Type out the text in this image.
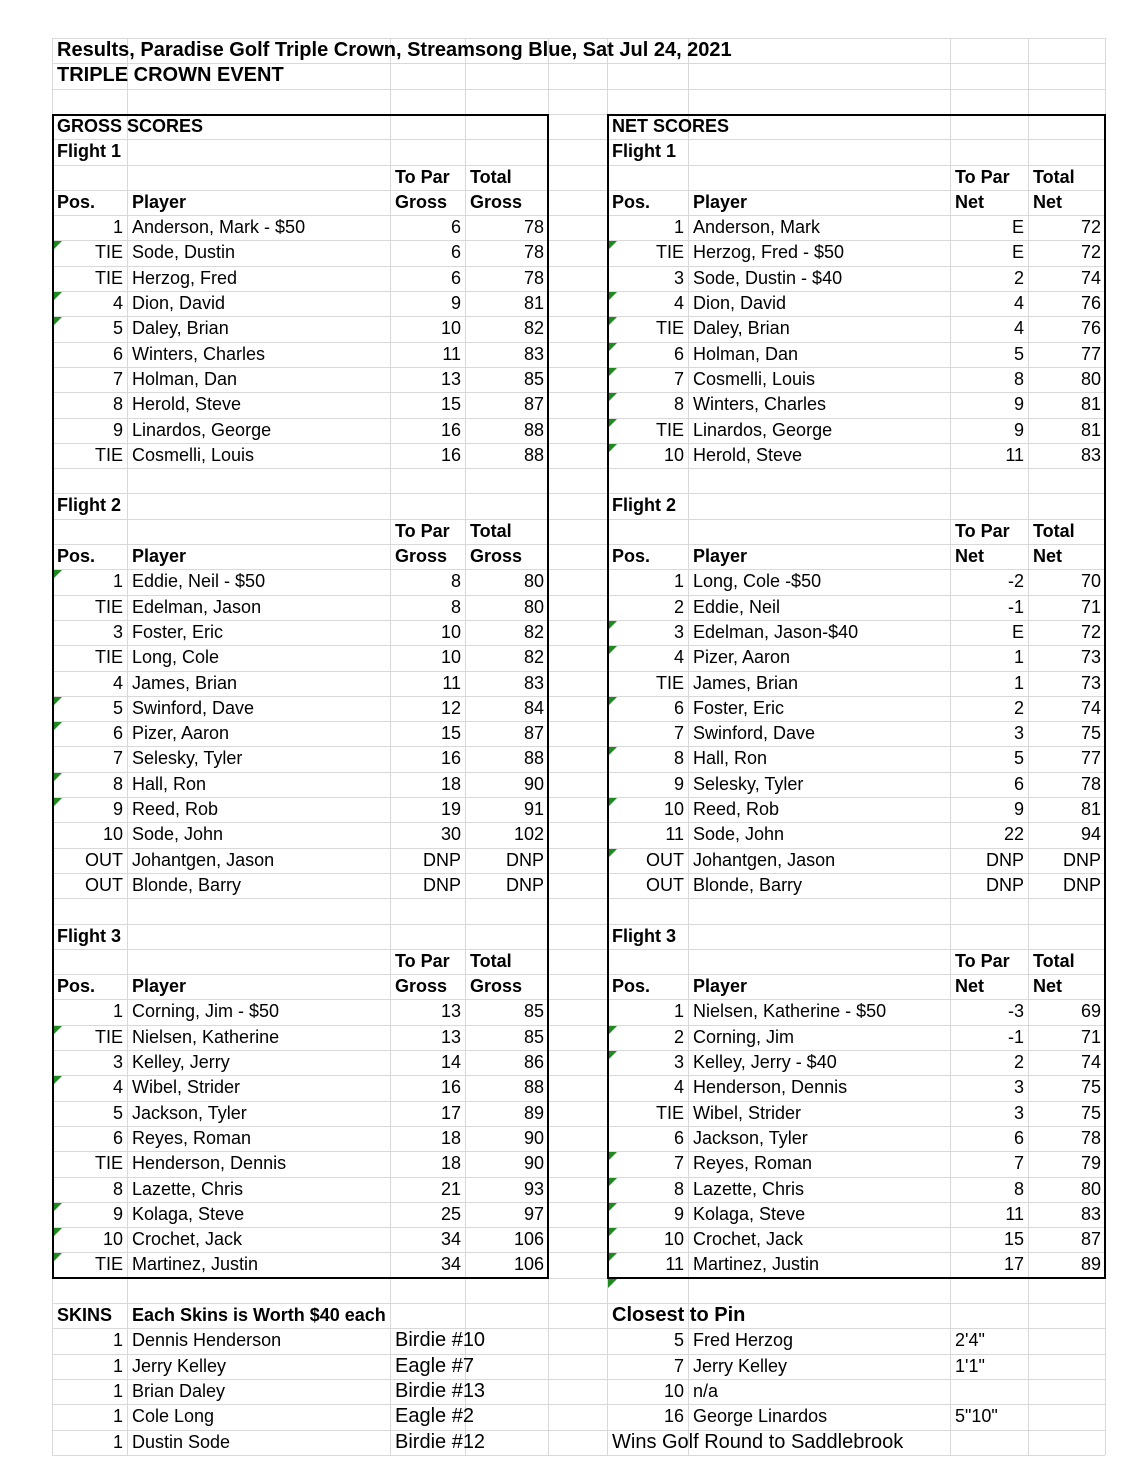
Results, Paradise Golf Triple Crown, Streamsong Blue, Sat Jul 24, 2021
TRIPLE CROWN EVENT
GROSS SCORES
Flight 1
To Par	Total
Pos.	Player	Gross	Gross
1 Anderson, Mark - $50	6	78
TIE Sode, Dustin	6	78
TIE Herzog, Fred	6	78
4 Dion, David	9	81
5 Daley, Brian	10	82
6 Winters, Charles	11	83
7 Holman, Dan	13	85
8 Herold, Steve	15	87
9 Linardos, George	16	88
TIE Cosmelli, Louis	16	88
Flight 2
To Par	Total
Pos.	Player	Gross	Gross
1 Eddie, Neil - $50	8	80
TIE Edelman, Jason	8	80
3 Foster, Eric	10	82
TIE Long, Cole	10	82
4 James, Brian	11	83
5 Swinford, Dave	12	84
6 Pizer, Aaron	15	87
7 Selesky, Tyler	16	88
8 Hall, Ron	18	90
9 Reed, Rob	19	91
10 Sode, John	30	102
OUT Johantgen, Jason	DNP	DNP
OUT Blonde, Barry	DNP	DNP
Flight 3
To Par	Total
Pos.	Player	Gross	Gross
1 Corning, Jim - $50	13	85
TIE Nielsen, Katherine	13	85
3 Kelley, Jerry	14	86
4 Wibel, Strider	16	88
5 Jackson, Tyler	17	89
6 Reyes, Roman	18	90
TIE Henderson, Dennis	18	90
8 Lazette, Chris	21	93
9 Kolaga, Steve	25	97
10 Crochet, Jack	34	106
TIE Martinez, Justin	34	106
NET SCORES
Flight 1
To Par	Total
Pos.	Player	Net	Net
1 Anderson, Mark	E	72
TIE Herzog, Fred - $50	E	72
3 Sode, Dustin - $40	2	74
4 Dion, David	4	76
TIE Daley, Brian	4	76
6 Holman, Dan	5	77
7 Cosmelli, Louis	8	80
8 Winters, Charles	9	81
TIE Linardos, George	9	81
10 Herold, Steve	11	83
Flight 2
To Par	Total
Pos.	Player	Net	Net
1 Long, Cole -$50	-2	70
2 Eddie, Neil	-1	71
3 Edelman, Jason-$40	E	72
4 Pizer, Aaron	1	73
TIE James, Brian	1	73
6 Foster, Eric	2	74
7 Swinford, Dave	3	75
8 Hall, Ron	5	77
9 Selesky, Tyler	6	78
10 Reed, Rob	9	81
11 Sode, John	22	94
OUT Johantgen, Jason	DNP	DNP
OUT Blonde, Barry	DNP	DNP
Flight 3
To Par	Total
Pos.	Player	Net	Net
1 Nielsen, Katherine - $50	-3	69
2 Corning, Jim	-1	71
3 Kelley, Jerry - $40	2	74
4 Henderson, Dennis	3	75
TIE Wibel, Strider	3	75
6 Jackson, Tyler	6	78
7 Reyes, Roman	7	79
8 Lazette, Chris	8	80
9 Kolaga, Steve	11	83
10 Crochet, Jack	15	87
11 Martinez, Justin	17	89
SKINS	Each Skins is Worth $40 each
1 Dennis Henderson	Birdie #10
1 Jerry Kelley	Eagle #7
1 Brian Daley	Birdie #13
1 Cole Long	Eagle #2
1 Dustin Sode	Birdie #12
Closest to Pin
5 Fred Herzog	2'4"
7 Jerry Kelley	1'1"
10 n/a
16 George Linardos	5"10"
Wins Golf Round to Saddlebrook
